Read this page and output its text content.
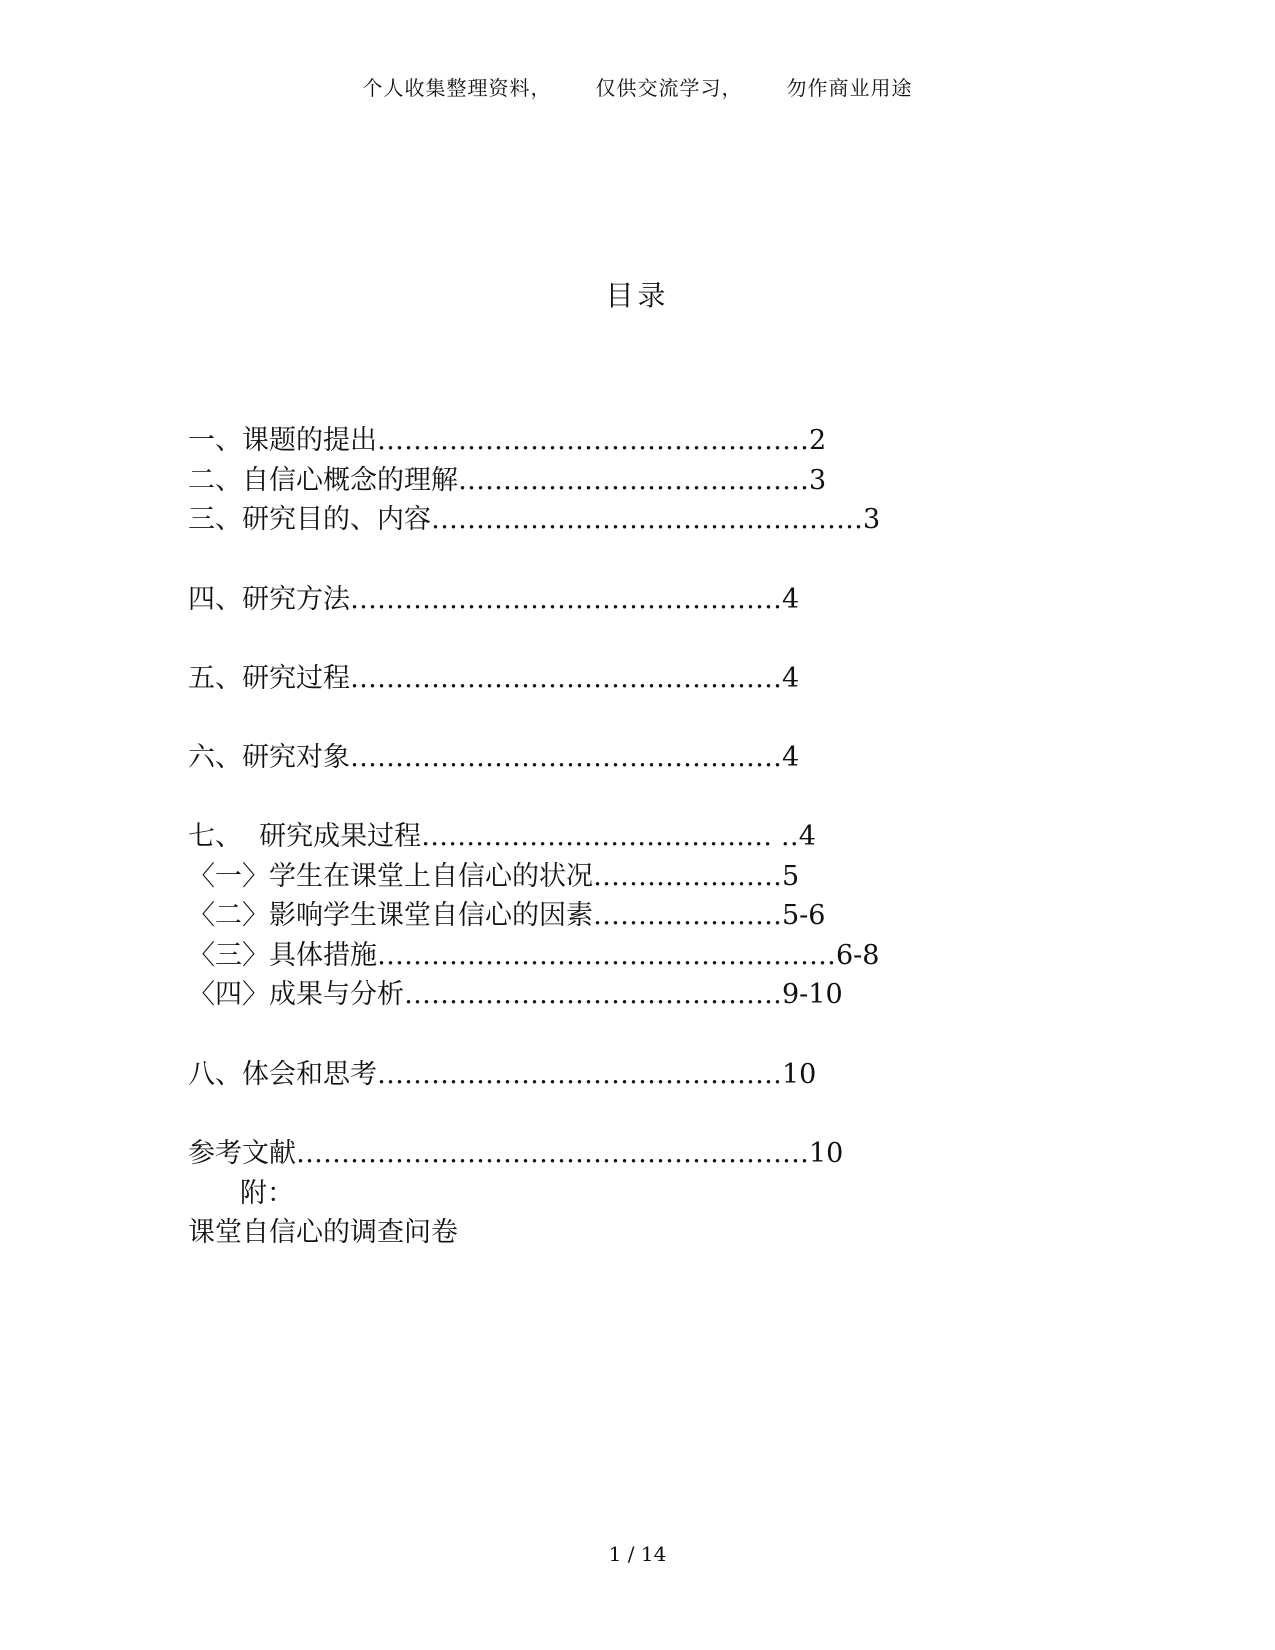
个人收集整理资料， 仅供交流学习， 勿作商业用途
目录
一、课题的提出…………………………………………2
二、自信心概念的理解…………………………………3
三、研究目的、内容…………………………………………3
四、研究方法…………………………………………4
五、研究过程…………………………………………4
六、研究对象…………………………………………4
七、  研究成果过程………………………………… ‥4
〈一〉学生在课堂上自信心的状况…………………5
〈二〉影响学生课堂自信心的因素…………………5-6
〈三〉具体措施……………………………………………6-8
〈四〉成果与分析……………………………………9-10
八、体会和思考………………………………………10
参考文献…………………………………………………10
附：
课堂自信心的调查问卷
1 / 14
